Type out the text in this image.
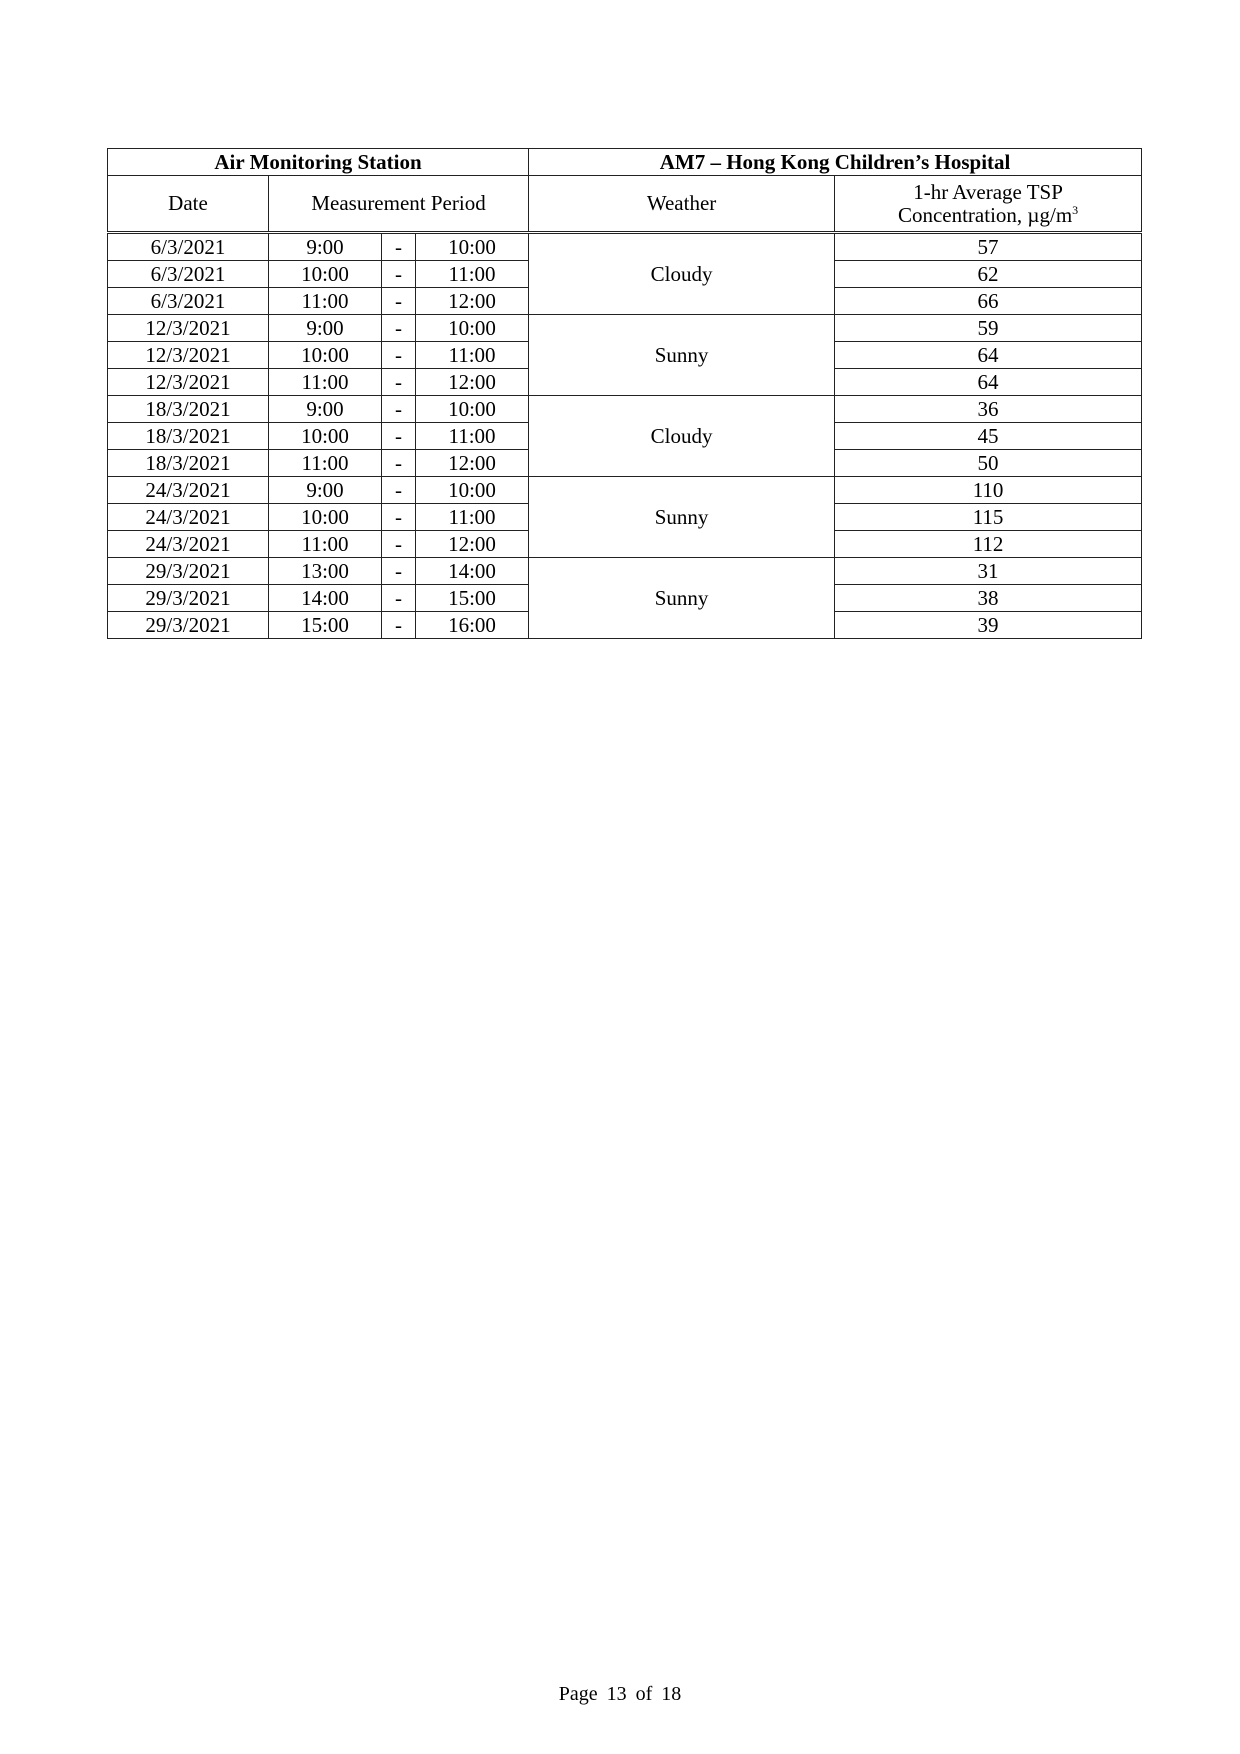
Air Monitoring Station				AM7 – Hong Kong Children’s Hospital	
Date	Measurement Period			Weather	1-hr Average TSP
Concentration, $\mu g/m^3$

6/3/2021	9:00	-	10:00	Cloudy	57
6/3/2021	10:00	-	11:00		62
6/3/2021	11:00	-	12:00		66
12/3/2021	9:00	-	10:00	Sunny	59
12/3/2021	10:00	-	11:00		64
12/3/2021	11:00	-	12:00		64
18/3/2021	9:00	-	10:00	Cloudy	36
18/3/2021	10:00	-	11:00		45
18/3/2021	11:00	-	12:00		50
24/3/2021	9:00	-	10:00	Sunny	110
24/3/2021	10:00	-	11:00		115
24/3/2021	11:00	-	12:00		112
29/3/2021	13:00	-	14:00	Sunny	31
29/3/2021	14:00	-	15:00		38
29/3/2021	15:00	-	16:00		39
Page 13 of 18
